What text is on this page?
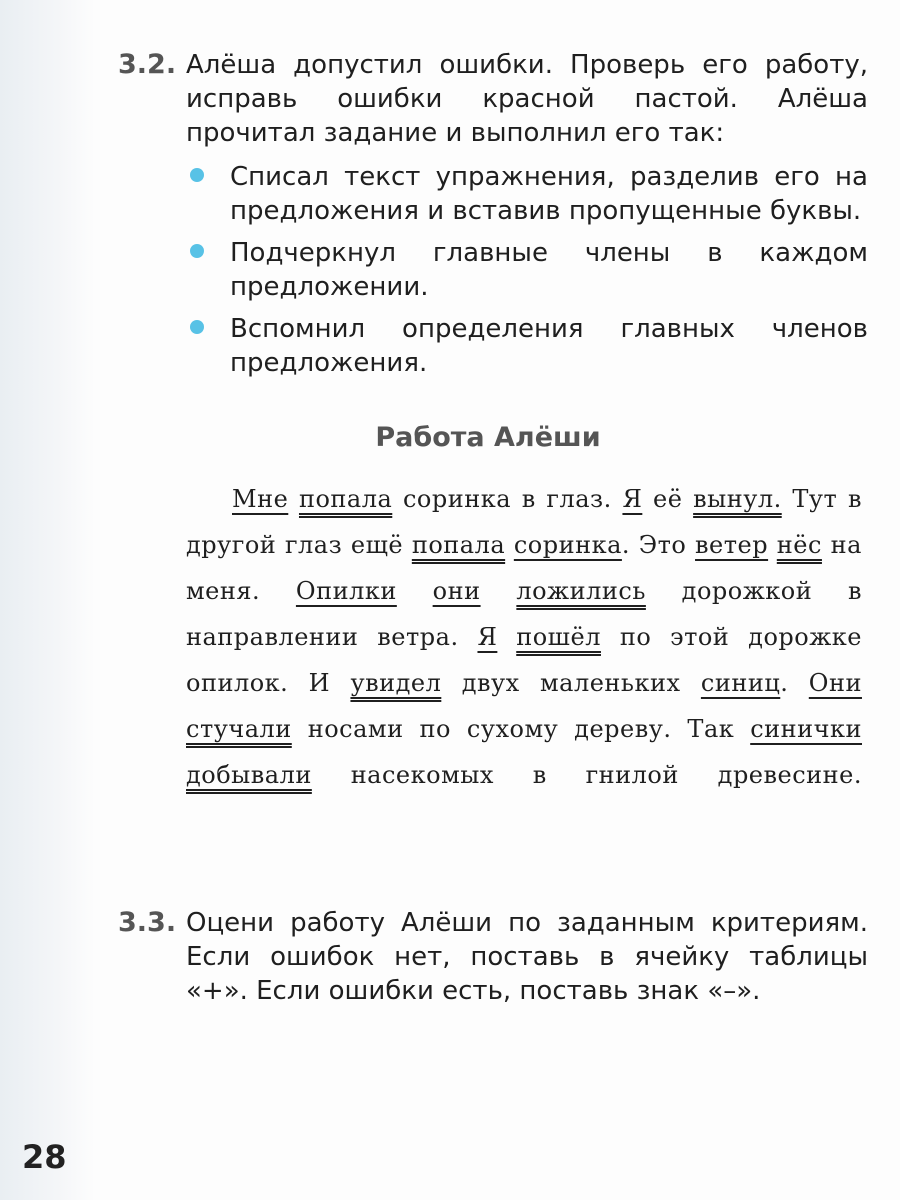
3.2. Алёша допустил ошибки. Проверь его работу, исправь ошибки красной пастой. Алёша прочитал задание и выполнил его так:
Списал текст упражнения, разделив его на предложения и вставив пропущенные буквы.
Подчеркнул главные члены в каждом предложении.
Вспомнил определения главных членов предложения.
Работа Алёши

Мне попала соринка в глаз. Я её вынул. Тут в другой глаз ещё попала соринка. Это ветер нёс на меня. Опилки они ложились дорожкой в направлении ветра. Я пошёл по этой дорожке опилок. И увидел двух маленьких синиц. Они стучали носами по сухому дереву. Так синички добывали насекомых в гнилой древесине.

3.3. Оцени работу Алёши по заданным критериям. Если ошибок нет, поставь в ячейку таблицы «+». Если ошибки есть, поставь знак «–».
28
